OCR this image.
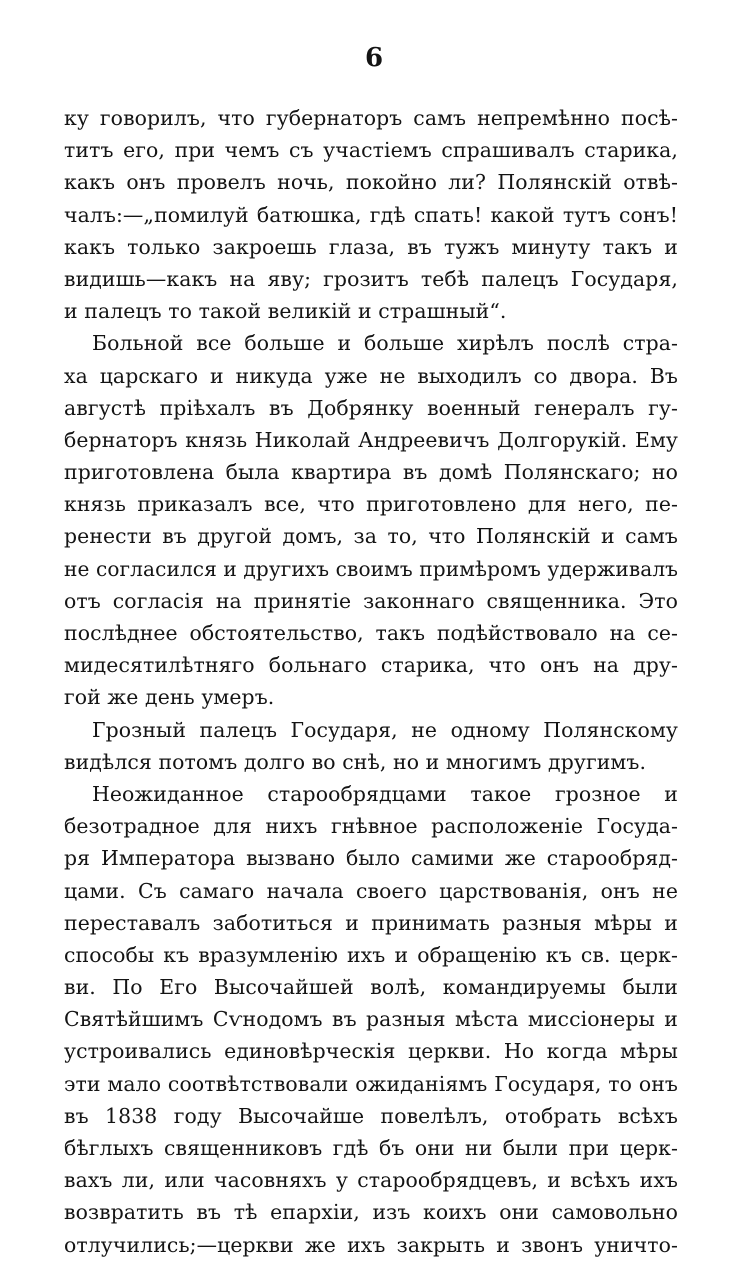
6
ку говорилъ, что губернаторъ самъ непремѣнно посѣ-
титъ его, при чемъ съ участiемъ спрашивалъ старика,
какъ онъ провелъ ночь, покойно ли? Полянскiй отвѣ-
чалъ:—„помилуй батюшка, гдѣ спать! какой тутъ сонъ!
какъ только закроешь глаза, въ тужъ минуту такъ и
видишь—какъ на яву; грозитъ тебѣ палецъ Государя,
и палецъ то такой великiй и страшный“.
Больной все больше и больше хирѣлъ послѣ стра-
ха царскаго и никуда уже не выходилъ со двора. Въ
августѣ прiѣхалъ въ Добрянку военный генералъ гу-
бернаторъ князь Николай Андреевичъ Долгорукiй. Ему
приготовлена была квартира въ домѣ Полянскаго; но
князь приказалъ все, что приготовлено для него, пе-
ренести въ другой домъ, за то, что Полянскiй и самъ
не согласился и другихъ своимъ примѣромъ удерживалъ
отъ согласiя на принятiе законнаго священника. Это
послѣднее обстоятельство, такъ подѣйствовало на се-
мидесятилѣтняго больнаго старика, что онъ на дру-
гой же день умеръ.
Грозный палецъ Государя, не одному Полянскому
видѣлся потомъ долго во снѣ, но и многимъ другимъ.
Неожиданное старообрядцами такое грозное и
безотрадное для нихъ гнѣвное расположенiе Госуда-
ря Императора вызвано было самими же старообряд-
цами. Съ самаго начала своего царствованiя, онъ не
переставалъ заботиться и принимать разныя мѣры и
способы къ вразумленiю ихъ и обращенiю къ св. церк-
ви. По Его Высочайшей волѣ, командируемы были
Святѣйшимъ Сѵнодомъ въ разныя мѣста миссiонеры и
устроивались единовѣрческiя церкви. Но когда мѣры
эти мало соотвѣтствовали ожиданiямъ Государя, то онъ
въ 1838 году Высочайше повелѣлъ, отобрать всѣхъ
бѣглыхъ священниковъ гдѣ бъ они ни были при церк-
вахъ ли, или часовняхъ у старообрядцевъ, и всѣхъ ихъ
возвратить въ тѣ епархiи, изъ коихъ они самовольно
отлучились;—церкви же ихъ закрыть и звонъ уничто-
